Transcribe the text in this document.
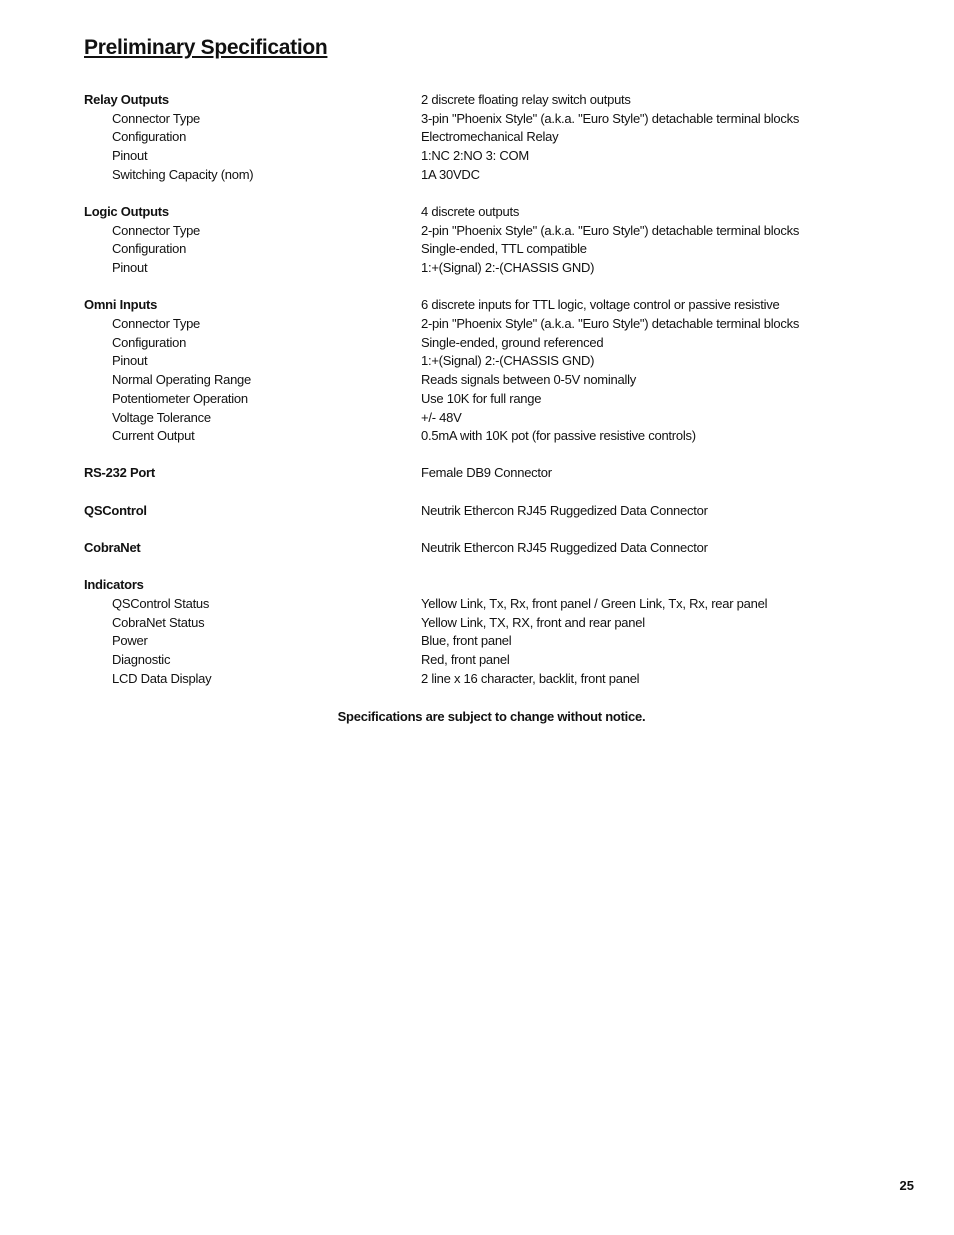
Preliminary Specification
Relay Outputs	2 discrete floating relay switch outputs
Connector Type	3-pin "Phoenix Style" (a.k.a. "Euro Style") detachable terminal blocks
Configuration	Electromechanical Relay
Pinout	1:NC 2:NO 3: COM
Switching Capacity (nom)	1A 30VDC
Logic Outputs	4 discrete outputs
Connector Type	2-pin "Phoenix Style" (a.k.a. "Euro Style") detachable terminal blocks
Configuration	Single-ended, TTL compatible
Pinout	1:+(Signal) 2:-(CHASSIS GND)
Omni Inputs	6 discrete inputs for TTL logic, voltage control or passive resistive
Connector Type	2-pin "Phoenix Style" (a.k.a. "Euro Style") detachable terminal blocks
Configuration	Single-ended, ground referenced
Pinout	1:+(Signal) 2:-(CHASSIS GND)
Normal Operating Range	Reads signals between 0-5V nominally
Potentiometer Operation	Use 10K for full range
Voltage Tolerance	+/- 48V
Current Output	0.5mA with 10K pot (for passive resistive controls)
RS-232 Port	Female DB9 Connector
QSControl	Neutrik Ethercon RJ45 Ruggedized Data Connector
CobraNet	Neutrik Ethercon RJ45 Ruggedized Data Connector
Indicators
QSControl Status	Yellow Link, Tx, Rx, front panel / Green Link, Tx, Rx, rear panel
CobraNet Status	Yellow Link, TX, RX, front and rear panel
Power	Blue, front panel
Diagnostic	Red, front panel
LCD Data Display	2 line x 16 character, backlit, front panel
Specifications are subject to change without notice.
25
